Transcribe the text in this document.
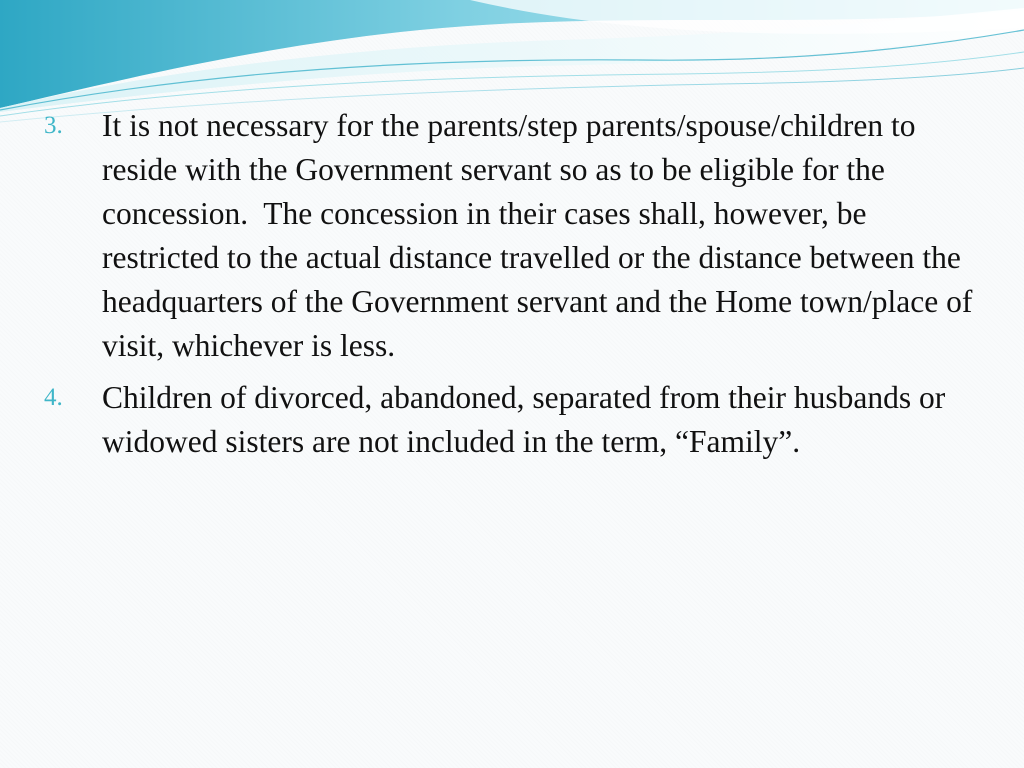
3.	It is not necessary for the parents/step parents/spouse/children to reside with the Government servant so as to be eligible for the concession.  The concession in their cases shall, however, be restricted to the actual distance travelled or the distance between the headquarters of the Government servant and the Home town/place of visit, whichever is less.
4.	Children of divorced, abandoned, separated from their husbands or widowed sisters are not included in the term, “Family”.
